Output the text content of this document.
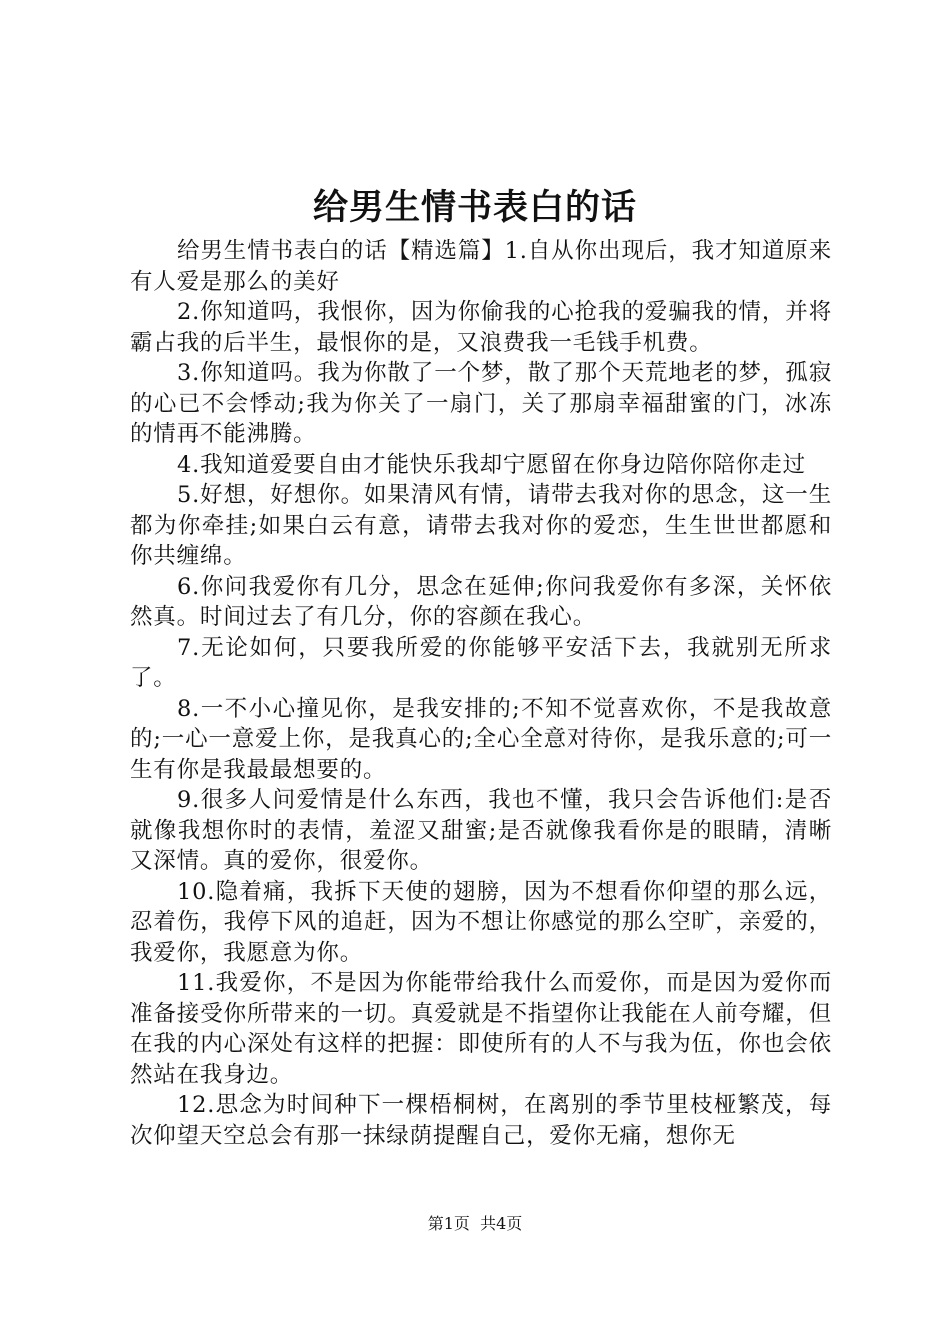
给男生情书表白的话

给男生情书表白的话【精选篇】1.自从你出现后，我才知道原来有人爱是那么的美好

2.你知道吗，我恨你，因为你偷我的心抢我的爱骗我的情，并将霸占我的后半生，最恨你的是，又浪费我一毛钱手机费。

3.你知道吗。我为你散了一个梦，散了那个天荒地老的梦，孤寂的心已不会悸动;我为你关了一扇门，关了那扇幸福甜蜜的门，冰冻的情再不能沸腾。

4.我知道爱要自由才能快乐我却宁愿留在你身边陪你陪你走过

5.好想，好想你。如果清风有情，请带去我对你的思念，这一生都为你牵挂;如果白云有意，请带去我对你的爱恋，生生世世都愿和你共缠绵。

6.你问我爱你有几分，思念在延伸;你问我爱你有多深，关怀依然真。时间过去了有几分，你的容颜在我心。

7.无论如何，只要我所爱的你能够平安活下去，我就别无所求了。

8.一不小心撞见你，是我安排的;不知不觉喜欢你，不是我故意的;一心一意爱上你，是我真心的;全心全意对待你，是我乐意的;可一生有你是我最最想要的。

9.很多人问爱情是什么东西，我也不懂，我只会告诉他们:是否就像我想你时的表情，羞涩又甜蜜;是否就像我看你是的眼睛，清晰又深情。真的爱你，很爱你。

10.隐着痛，我拆下天使的翅膀，因为不想看你仰望的那么远，忍着伤，我停下风的追赶，因为不想让你感觉的那么空旷，亲爱的，我爱你，我愿意为你。

11.我爱你，不是因为你能带给我什么而爱你，而是因为爱你而准备接受你所带来的一切。真爱就是不指望你让我能在人前夸耀，但在我的内心深处有这样的把握：即使所有的人不与我为伍，你也会依然站在我身边。

12.思念为时间种下一棵梧桐树，在离别的季节里枝桠繁茂，每次仰望天空总会有那一抹绿荫提醒自己，爱你无痛，想你无

第1页 共4页
